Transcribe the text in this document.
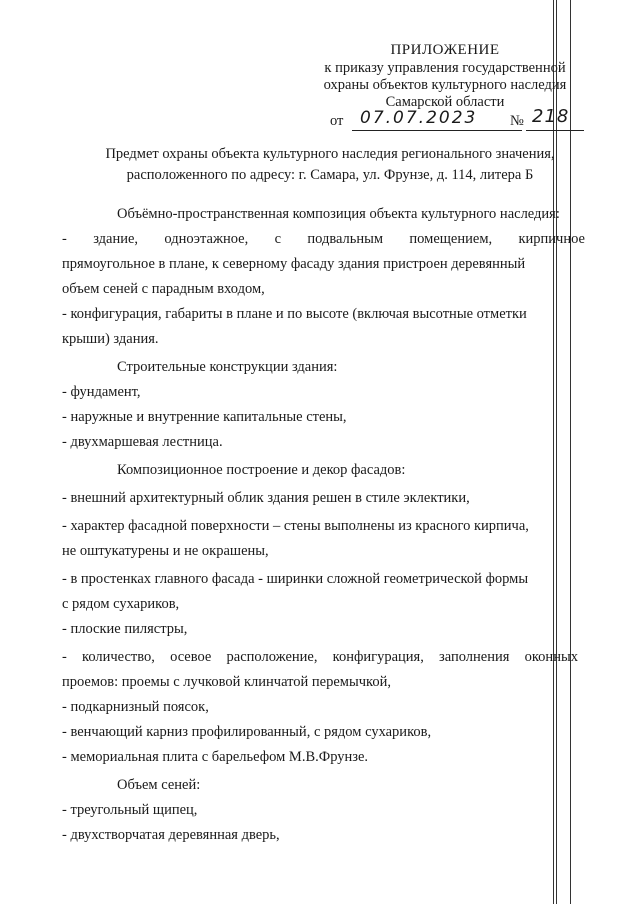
ПРИЛОЖЕНИЕ
к приказу управления государственной
охраны объектов культурного наследия
Самарской области
от 07.07.2023 № 218
Предмет охраны объекта культурного наследия регионального значения,
расположенного по адресу: г. Самара, ул. Фрунзе, д. 114, литера Б
Объёмно-пространственная композиция объекта культурного наследия:
- здание, одноэтажное, с подвальным помещением, кирпичное
прямоугольное в плане, к северному фасаду здания пристроен деревянный
объем сеней с парадным входом,
- конфигурация, габариты в плане и по высоте (включая высотные отметки
крыши) здания.
Строительные конструкции здания:
- фундамент,
- наружные и внутренние капитальные стены,
- двухмаршевая лестница.
Композиционное построение и декор фасадов:
- внешний архитектурный облик здания решен в стиле эклектики,
- характер фасадной поверхности – стены выполнены из красного кирпича,
не оштукатурены и не окрашены,
- в простенках главного фасада - ширинки сложной геометрической формы
с рядом сухариков,
- плоские пилястры,
- количество, осевое расположение, конфигурация, заполнения оконных
проемов: проемы с лучковой клинчатой перемычкой,
- подкарнизный поясок,
- венчающий карниз профилированный, с рядом сухариков,
- мемориальная плита с барельефом М.В.Фрунзе.
Объем сеней:
- треугольный щипец,
- двухстворчатая деревянная дверь,
